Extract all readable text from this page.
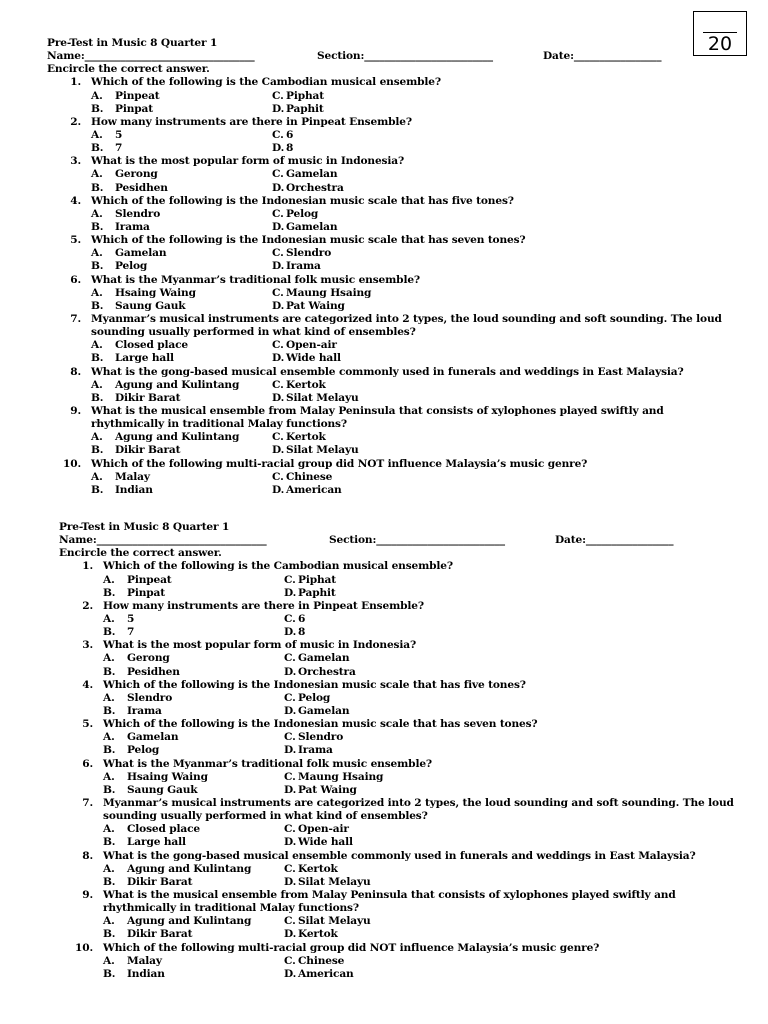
20
Pre-Test in Music 8 Quarter 1
Name:_________________________________	Section:_________________________	Date:_________________
Encircle the correct answer.
1. Which of the following is the Cambodian musical ensemble?
A. Pinpeat	C. Piphat
B. Pinpat	D. Paphit
2. How many instruments are there in Pinpeat Ensemble?
A. 5	C. 6
B. 7	D. 8
3. What is the most popular form of music in Indonesia?
A. Gerong	C. Gamelan
B. Pesidhen	D. Orchestra
4. Which of the following is the Indonesian music scale that has five tones?
A. Slendro	C. Pelog
B. Irama	D. Gamelan
5. Which of the following is the Indonesian music scale that has seven tones?
A. Gamelan	C. Slendro
B. Pelog	D. Irama
6. What is the Myanmar’s traditional folk music ensemble?
A. Hsaing Waing	C. Maung Hsaing
B. Saung Gauk	D. Pat Waing
7. Myanmar’s musical instruments are categorized into 2 types, the loud sounding and soft sounding. The loud sounding usually performed in what kind of ensembles?
A. Closed place	C. Open-air
B. Large hall	D. Wide hall
8. What is the gong-based musical ensemble commonly used in funerals and weddings in East Malaysia?
A. Agung and Kulintang	C. Kertok
B. Dikir Barat	D. Silat Melayu
9. What is the musical ensemble from Malay Peninsula that consists of xylophones played swiftly and rhythmically in traditional Malay functions?
A. Agung and Kulintang	C. Kertok
B. Dikir Barat	D. Silat Melayu
10. Which of the following multi-racial group did NOT influence Malaysia’s music genre?
A. Malay	C. Chinese
B. Indian	D. American
Pre-Test in Music 8 Quarter 1
Name:_________________________________	Section:_________________________	Date:_________________
Encircle the correct answer.
1. Which of the following is the Cambodian musical ensemble?
A. Pinpeat	C. Piphat
B. Pinpat	D. Paphit
2. How many instruments are there in Pinpeat Ensemble?
A. 5	C. 6
B. 7	D. 8
3. What is the most popular form of music in Indonesia?
A. Gerong	C. Gamelan
B. Pesidhen	D. Orchestra
4. Which of the following is the Indonesian music scale that has five tones?
A. Slendro	C. Pelog
B. Irama	D. Gamelan
5. Which of the following is the Indonesian music scale that has seven tones?
A. Gamelan	C. Slendro
B. Pelog	D. Irama
6. What is the Myanmar’s traditional folk music ensemble?
A. Hsaing Waing	C. Maung Hsaing
B. Saung Gauk	D. Pat Waing
7. Myanmar’s musical instruments are categorized into 2 types, the loud sounding and soft sounding. The loud sounding usually performed in what kind of ensembles?
A. Closed place	C. Open-air
B. Large hall	D. Wide hall
8. What is the gong-based musical ensemble commonly used in funerals and weddings in East Malaysia?
A. Agung and Kulintang	C. Kertok
B. Dikir Barat	D. Silat Melayu
9. What is the musical ensemble from Malay Peninsula that consists of xylophones played swiftly and rhythmically in traditional Malay functions?
A. Agung and Kulintang	C. Silat Melayu
B. Dikir Barat	D. Kertok
10. Which of the following multi-racial group did NOT influence Malaysia’s music genre?
A. Malay	C. Chinese
B. Indian	D. American
